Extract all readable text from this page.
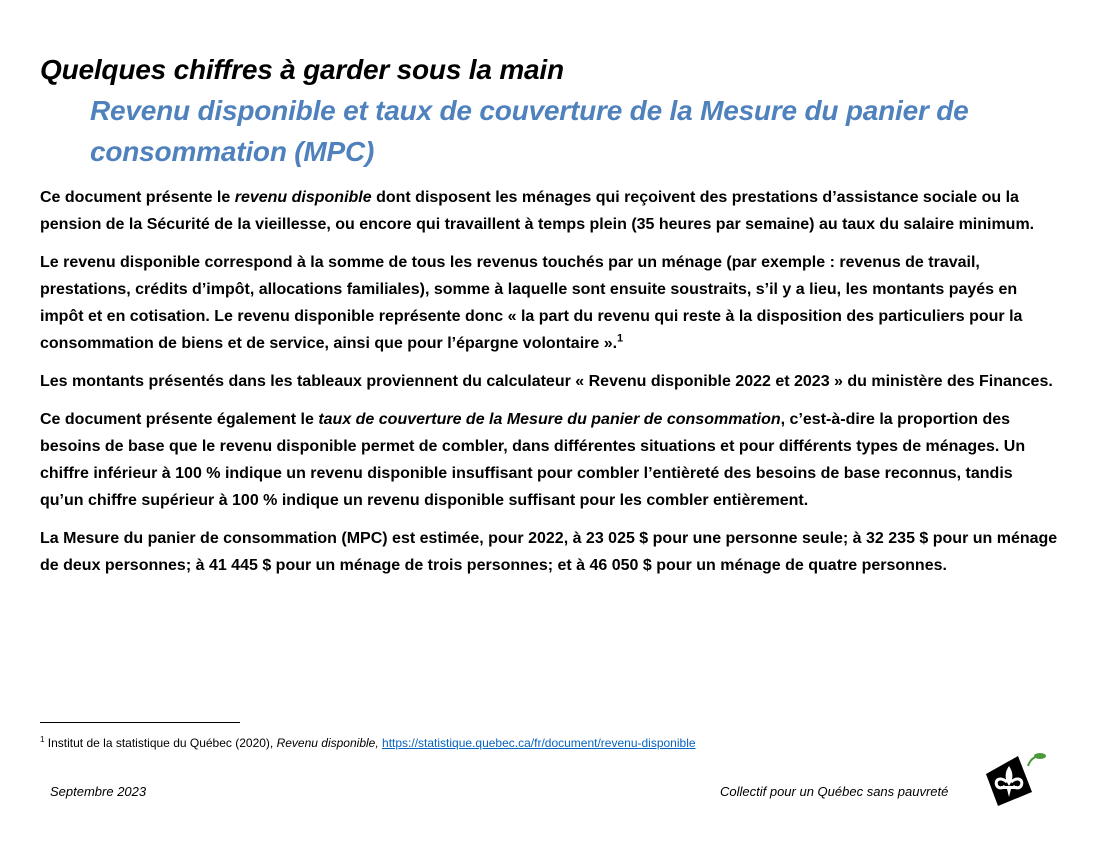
Quelques chiffres à garder sous la main
Revenu disponible et taux de couverture de la Mesure du panier de consommation (MPC)

Ce document présente le revenu disponible dont disposent les ménages qui reçoivent des prestations d’assistance sociale ou la pension de la Sécurité de la vieillesse, ou encore qui travaillent à temps plein (35 heures par semaine) au taux du salaire minimum.

Le revenu disponible correspond à la somme de tous les revenus touchés par un ménage (par exemple : revenus de travail, prestations, crédits d’impôt, allocations familiales), somme à laquelle sont ensuite soustraits, s’il y a lieu, les montants payés en impôt et en cotisation. Le revenu disponible représente donc « la part du revenu qui reste à la disposition des particuliers pour la consommation de biens et de service, ainsi que pour l’épargne volontaire ».$^1$

Les montants présentés dans les tableaux proviennent du calculateur « Revenu disponible 2022 et 2023 » du ministère des Finances.

Ce document présente également le taux de couverture de la Mesure du panier de consommation, c’est-à-dire la proportion des besoins de base que le revenu disponible permet de combler, dans différentes situations et pour différents types de ménages. Un chiffre inférieur à 100 % indique un revenu disponible insuffisant pour combler l’entièreté des besoins de base reconnus, tandis qu’un chiffre supérieur à 100 % indique un revenu disponible suffisant pour les combler entièrement.

La Mesure du panier de consommation (MPC) est estimée, pour 2022, à 23 025 $ pour une personne seule; à 32 235 $ pour un ménage de deux personnes; à 41 445 $ pour un ménage de trois personnes; et à 46 050 $ pour un ménage de quatre personnes.

$^1$ Institut de la statistique du Québec (2020), Revenu disponible, https://statistique.quebec.ca/fr/document/revenu-disponible
Septembre 2023	Collectif pour un Québec sans pauvreté
